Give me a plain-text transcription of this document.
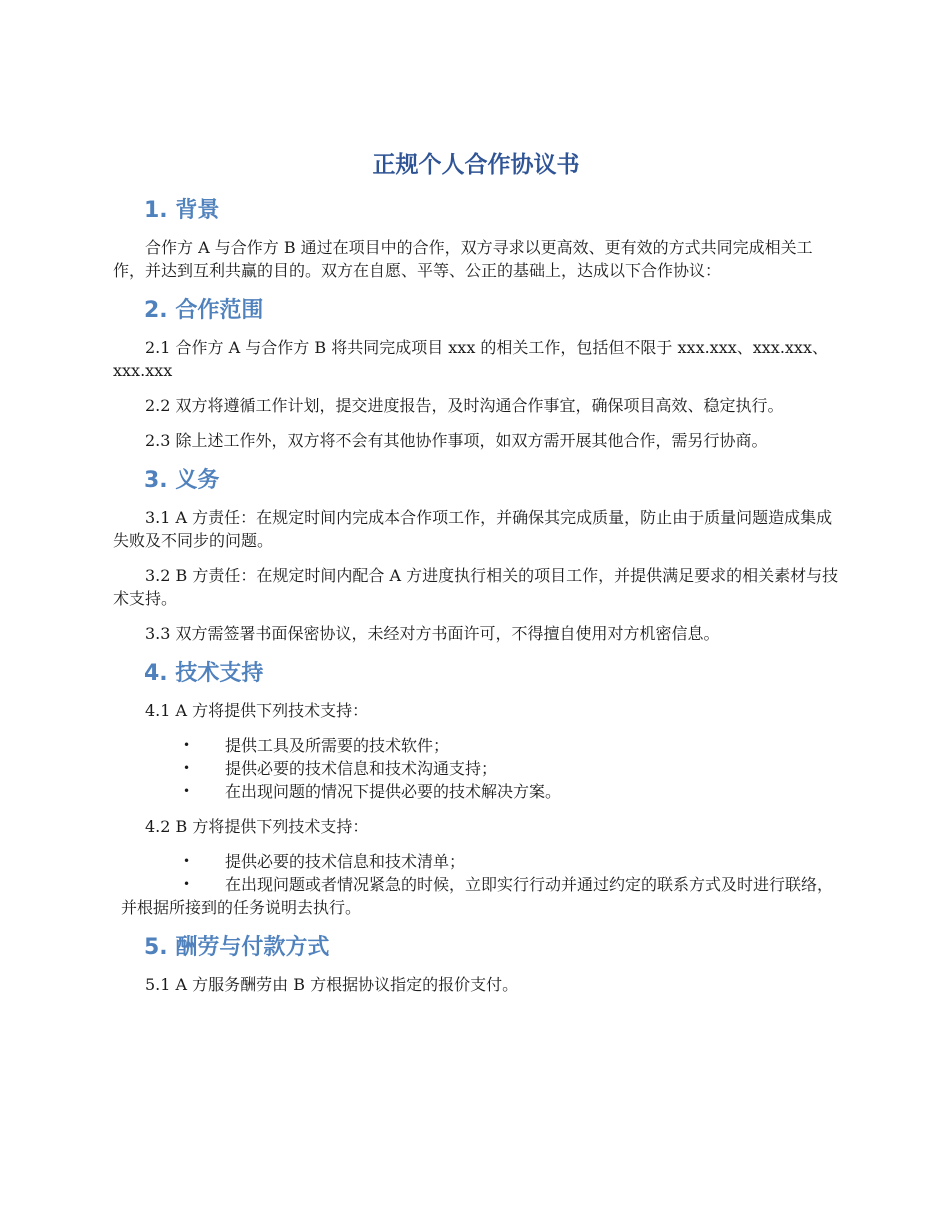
正规个人合作协议书
1. 背景

合作方 A 与合作方 B 通过在项目中的合作，双方寻求以更高效、更有效的方式共同完成相关工作，并达到互利共赢的目的。双方在自愿、平等、公正的基础上，达成以下合作协议：

2. 合作范围

2.1 合作方 A 与合作方 B 将共同完成项目 xxx 的相关工作，包括但不限于 xxx.xxx、xxx.xxx、xxx.xxx

2.2 双方将遵循工作计划，提交进度报告，及时沟通合作事宜，确保项目高效、稳定执行。

2.3 除上述工作外，双方将不会有其他协作事项，如双方需开展其他合作，需另行协商。

3. 义务

3.1 A 方责任：在规定时间内完成本合作项工作，并确保其完成质量，防止由于质量问题造成集成失败及不同步的问题。

3.2 B 方责任：在规定时间内配合 A 方进度执行相关的项目工作，并提供满足要求的相关素材与技术支持。

3.3 双方需签署书面保密协议，未经对方书面许可，不得擅自使用对方机密信息。

4. 技术支持

4.1 A 方将提供下列技术支持：

• 提供工具及所需要的技术软件；
• 提供必要的技术信息和技术沟通支持；
• 在出现问题的情况下提供必要的技术解决方案。

4.2 B 方将提供下列技术支持：

• 提供必要的技术信息和技术清单；
• 在出现问题或者情况紧急的时候，立即实行行动并通过约定的联系方式及时进行联络，并根据所接到的任务说明去执行。
5. 酬劳与付款方式

5.1 A 方服务酬劳由 B 方根据协议指定的报价支付。
